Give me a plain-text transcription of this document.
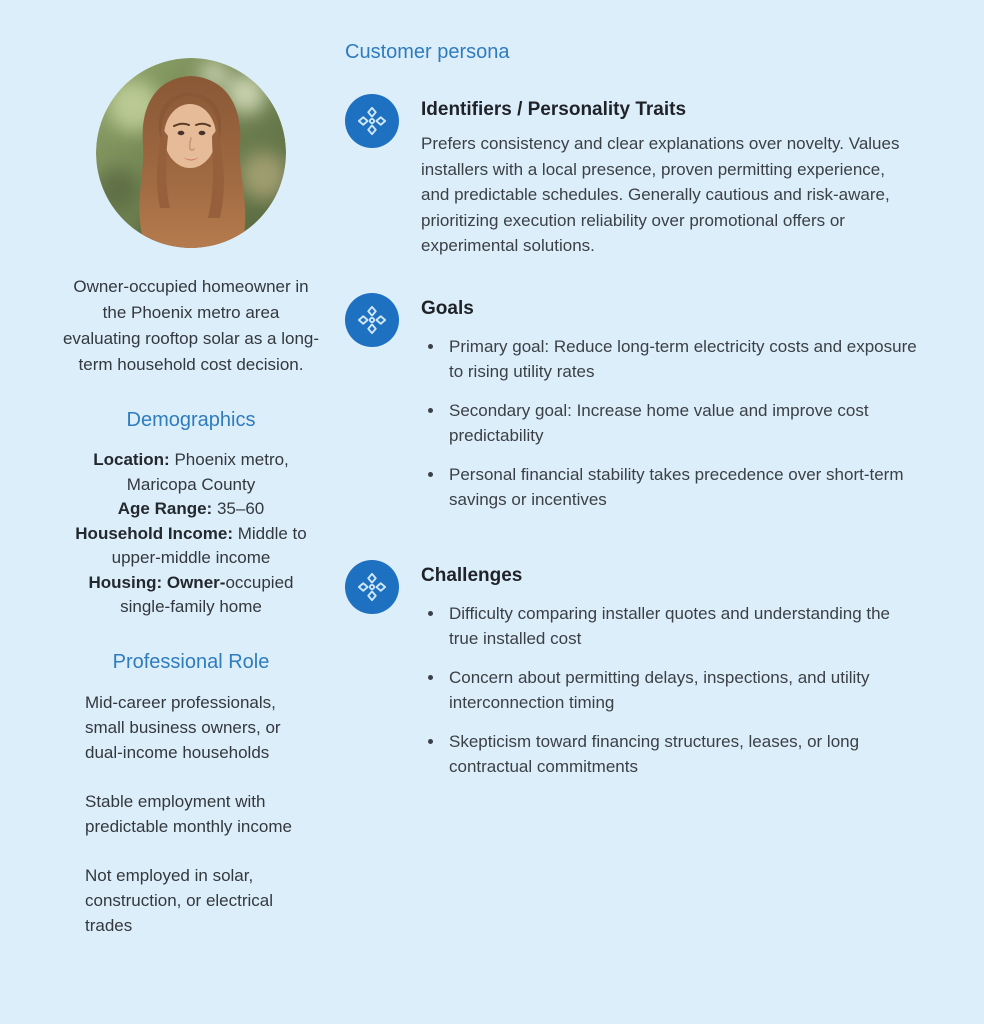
Owner-occupied homeowner in the Phoenix metro area evaluating rooftop solar as a long-term household cost decision.

Demographics
Location: Phoenix metro, Maricopa County
Age Range: 35–60
Household Income: Middle to upper-middle income
Housing: Owner-occupied single-family home
Professional Role

Mid-career professionals, small business owners, or dual-income households

Stable employment with predictable monthly income

Not employed in solar, construction, or electrical trades

Customer persona
Identifiers / Personality Traits

Prefers consistency and clear explanations over novelty. Values installers with a local presence, proven permitting experience, and predictable schedules. Generally cautious and risk-aware, prioritizing execution reliability over promotional offers or experimental solutions.

Goals
• Primary goal: Reduce long-term electricity costs and exposure to rising utility rates
• Secondary goal: Increase home value and improve cost predictability
• Personal financial stability takes precedence over short-term savings or incentives
Challenges
• Difficulty comparing installer quotes and understanding the true installed cost
• Concern about permitting delays, inspections, and utility interconnection timing
• Skepticism toward financing structures, leases, or long contractual commitments
